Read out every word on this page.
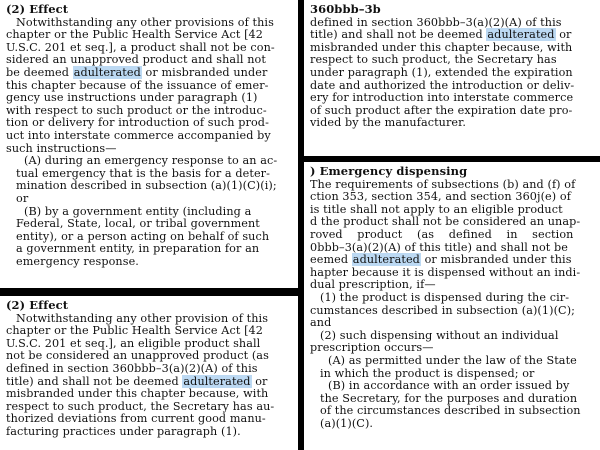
(2) Effect
Notwithstanding any other provisions of this
chapter or the Public Health Service Act [42
U.S.C. 201 et seq.], a product shall not be con-
sidered an unapproved product and shall not
be deemed adulterated or misbranded under
this chapter because of the issuance of emer-
gency use instructions under paragraph (1)
with respect to such product or the introduc-
tion or delivery for introduction of such prod-
uct into interstate commerce accompanied by
such instructions—
(A) during an emergency response to an ac-
tual emergency that is the basis for a deter-
mination described in subsection (a)(1)(C)(i);
or
(B) by a government entity (including a
Federal, State, local, or tribal government
entity), or a person acting on behalf of such
a government entity, in preparation for an
emergency response.
(2) Effect
Notwithstanding any other provision of this
chapter or the Public Health Service Act [42
U.S.C. 201 et seq.], an eligible product shall
not be considered an unapproved product (as
defined in section 360bbb–3(a)(2)(A) of this
title) and shall not be deemed adulterated or
misbranded under this chapter because, with
respect to such product, the Secretary has au-
thorized deviations from current good manu-
facturing practices under paragraph (1).
360bbb–3b
defined in section 360bbb–3(a)(2)(A) of this
title) and shall not be deemed adulterated or
misbranded under this chapter because, with
respect to such product, the Secretary has
under paragraph (1), extended the expiration
date and authorized the introduction or deliv-
ery for introduction into interstate commerce
of such product after the expiration date pro-
vided by the manufacturer.
) Emergency dispensing
The requirements of subsections (b) and (f) of
ction 353, section 354, and section 360j(e) of
is title shall not apply to an eligible product
d the product shall not be considered an unap-
roved    product    (as    defined    in    section
0bbb–3(a)(2)(A) of this title) and shall not be
eemed adulterated or misbranded under this
hapter because it is dispensed without an indi-
dual prescription, if—
(1) the product is dispensed during the cir-
cumstances described in subsection (a)(1)(C);
and
(2) such dispensing without an individual
prescription occurs—
(A) as permitted under the law of the State
in which the product is dispensed; or
(B) in accordance with an order issued by
the Secretary, for the purposes and duration
of the circumstances described in subsection
(a)(1)(C).
